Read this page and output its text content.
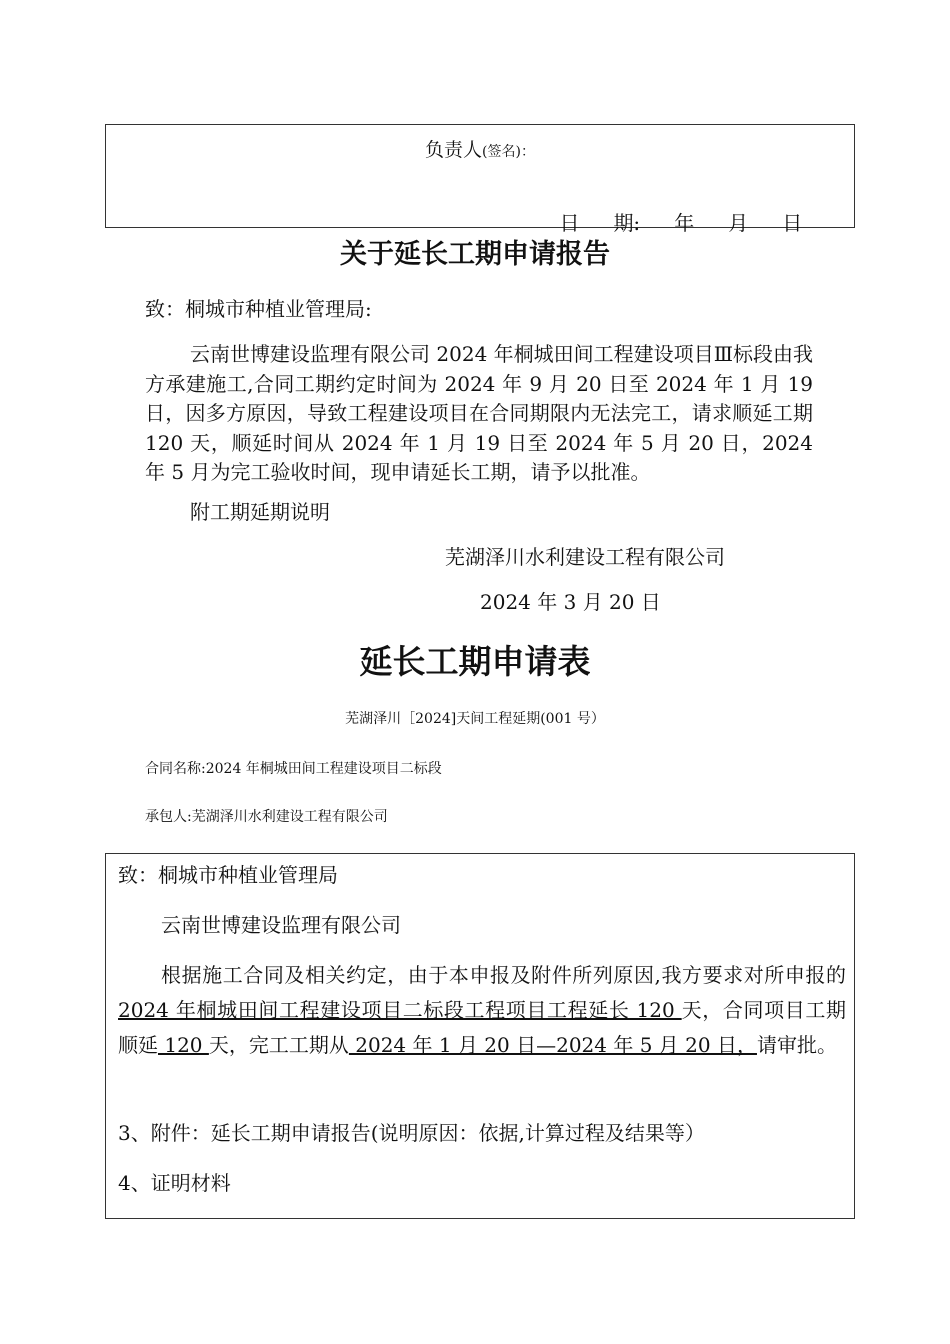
负责人(签名)：

日 期: 年 月 日

关于延长工期申请报告
致：桐城市种植业管理局:
云南世博建设监理有限公司 2024 年桐城田间工程建设项目Ⅲ标段由我方承建施工,合同工期约定时间为 2024 年 9 月 20 日至 2024 年 1 月 19 日，因多方原因，导致工程建设项目在合同期限内无法完工，请求顺延工期 120 天，顺延时间从 2024 年 1 月 19 日至 2024 年 5 月 20 日，2024 年 5 月为完工验收时间，现申请延长工期，请予以批准。
附工期延期说明
芜湖泽川水利建设工程有限公司
2024 年 3 月 20 日
延长工期申请表
芜湖泽川［2024]天间工程延期(001 号）
合同名称:2024 年桐城田间工程建设项目二标段
承包人:芜湖泽川水利建设工程有限公司
致：桐城市种植业管理局
云南世博建设监理有限公司
根据施工合同及相关约定，由于本申报及附件所列原因,我方要求对所申报的2024 年桐城田间工程建设项目二标段工程项目工程延长 120 天，合同项目工期顺延 120 天，完工工期从 2024 年 1 月 20 日—2024 年 5 月 20 日，请审批。
3、附件：延长工期申请报告(说明原因：依据,计算过程及结果等）
4、证明材料
